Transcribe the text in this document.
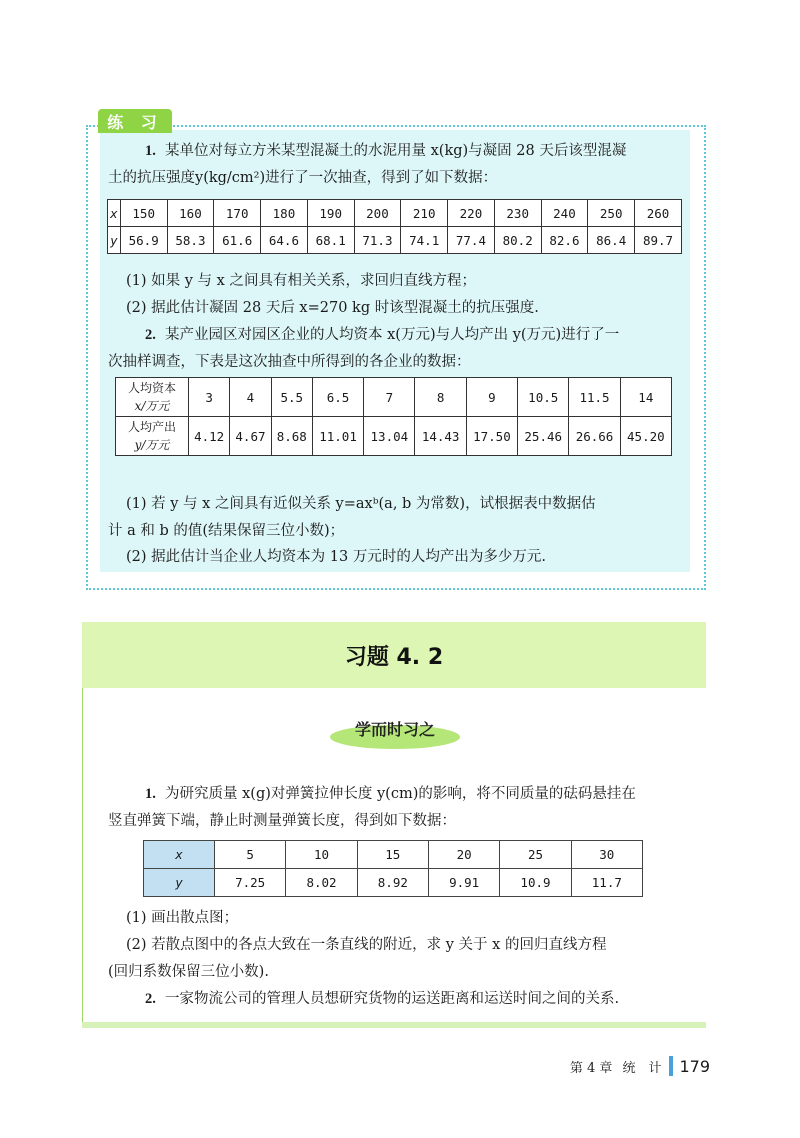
练 习
1. 某单位对每立方米某型混凝土的水泥用量 x(kg)与凝固 28 天后该型混凝
土的抗压强度y(kg/cm²)进行了一次抽查，得到了如下数据：
x	150	160	170	180	190	200	210	220	230	240	250	260
y	56.9	58.3	61.6	64.6	68.1	71.3	74.1	77.4	80.2	82.6	86.4	89.7
(1) 如果 y 与 x 之间具有相关关系，求回归直线方程；
(2) 据此估计凝固 28 天后 x=270 kg 时该型混凝土的抗压强度.
2. 某产业园区对园区企业的人均资本 x(万元)与人均产出 y(万元)进行了一
次抽样调查，下表是这次抽查中所得到的各企业的数据：
人均资本
x/万元	3	4	5.5	6.5	7	8	9	10.5	11.5	14

人均产出
y/万元	4.12	4.67	8.68	11.01	13.04	14.43	17.50	25.46	26.66	45.20
(1) 若 y 与 x 之间具有近似关系 y=axᵇ(a, b 为常数)，试根据表中数据估
计 a 和 b 的值(结果保留三位小数)；
(2) 据此估计当企业人均资本为 13 万元时的人均产出为多少万元.
习题 4. 2
学而时习之
1. 为研究质量 x(g)对弹簧拉伸长度 y(cm)的影响，将不同质量的砝码悬挂在
竖直弹簧下端，静止时测量弹簧长度，得到如下数据：
x	5	10	15	20	25	30
y	7.25	8.02	8.92	9.91	10.9	11.7
(1) 画出散点图；
(2) 若散点图中的各点大致在一条直线的附近，求 y 关于 x 的回归直线方程
(回归系数保留三位小数).
2. 一家物流公司的管理人员想研究货物的运送距离和运送时间之间的关系.
第 4 章 统　计 179
